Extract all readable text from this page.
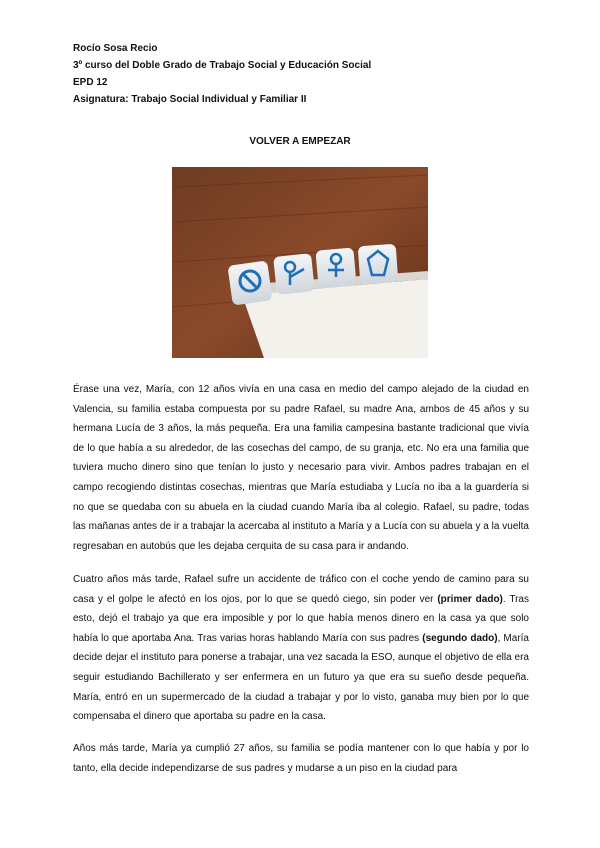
Rocío Sosa Recio
3º curso del Doble Grado de Trabajo Social y Educación Social
EPD 12
Asignatura: Trabajo Social Individual y Familiar II
VOLVER A EMPEZAR
Érase una vez, María, con 12 años vivía en una casa en medio del campo alejado de la ciudad en Valencia, su familia estaba compuesta por su padre Rafael, su madre Ana, ambos de 45 años y su hermana Lucía de 3 años, la más pequeña. Era una familia campesina bastante tradicional que vivía de lo que había a su alrededor, de las cosechas del campo, de su granja, etc. No era una familia que tuviera mucho dinero sino que tenían lo justo y necesario para vivir. Ambos padres trabajan en el campo recogiendo distintas cosechas, mientras que María estudiaba y Lucía no iba a la guardería si no que se quedaba con su abuela en la ciudad cuando María iba al colegio. Rafael, su padre, todas las mañanas antes de ir a trabajar la acercaba al instituto a María y a Lucía con su abuela y a la vuelta regresaban en autobús que les dejaba cerquita de su casa para ir andando.
Cuatro años más tarde, Rafael sufre un accidente de tráfico con el coche yendo de camino para su casa y el golpe le afectó en los ojos, por lo que se quedó ciego, sin poder ver (primer dado). Tras esto, dejó el trabajo ya que era imposible y por lo que había menos dinero en la casa ya que solo había lo que aportaba Ana. Tras varias horas hablando María con sus padres (segundo dado), María decide dejar el instituto para ponerse a trabajar, una vez sacada la ESO, aunque el objetivo de ella era seguir estudiando Bachillerato y ser enfermera en un futuro ya que era su sueño desde pequeña. María, entró en un supermercado de la ciudad a trabajar y por lo visto, ganaba muy bien por lo que compensaba el dinero que aportaba su padre en la casa.
Años más tarde, María ya cumplió 27 años, su familia se podía mantener con lo que había y por lo tanto, ella decide independizarse de sus padres y mudarse a un piso en la ciudad para
